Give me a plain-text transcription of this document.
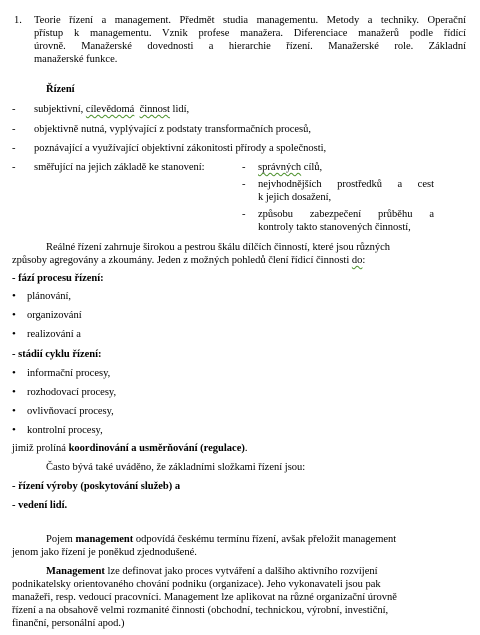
1. Teorie řízení a management. Předmět studia managementu. Metody a techniky. Operační
přístup k managementu. Vznik profese manažera. Diferenciace manažerů podle řídící
úrovně. Manažerské dovednosti a hierarchie řízení. Manažerské role. Základní
manažerské funkce.
Řízení
- subjektivní, cílevědomá činnost lidí,
- objektivně nutná, vyplývající z podstaty transformačních procesů,
- poznávající a využívající objektivní zákonitosti přírody a společnosti,
- směřující na jejich základě ke stanovení:	- správných cílů,
- nejvhodnějších prostředků a cest
k jejich dosažení,
- způsobu zabezpečení průběhu a
kontroly takto stanovených činností,
Reálné řízení zahrnuje širokou a pestrou škálu dílčích činností, které jsou různých
způsoby agregovány a zkoumány. Jeden z možných pohledů člení řídicí činnosti do:
- fází procesu řízení:
• plánování,
• organizování
• realizování a
- stádií cyklu řízení:
• informační procesy,
• rozhodovací procesy,
• ovlivňovací procesy,
• kontrolní procesy,
jimiž prolíná koordinování a usměrňování (regulace).
Často bývá také uváděno, že základními složkami řízení jsou:
- řízení výroby (poskytování služeb) a
- vedení lidí.
Pojem management odpovídá českému termínu řízení, avšak přeložit management
jenom jako řízení je poněkud zjednodušené.
Management lze definovat jako proces vytváření a dalšího aktivního rozvíjení
podnikatelsky orientovaného chování podniku (organizace). Jeho vykonavateli jsou pak
manažeři, resp. vedoucí pracovníci. Management lze aplikovat na různé organizační úrovně
řízení a na obsahově velmi rozmanité činnosti (obchodní, technickou, výrobní, investiční,
finanční, personální apod.)
